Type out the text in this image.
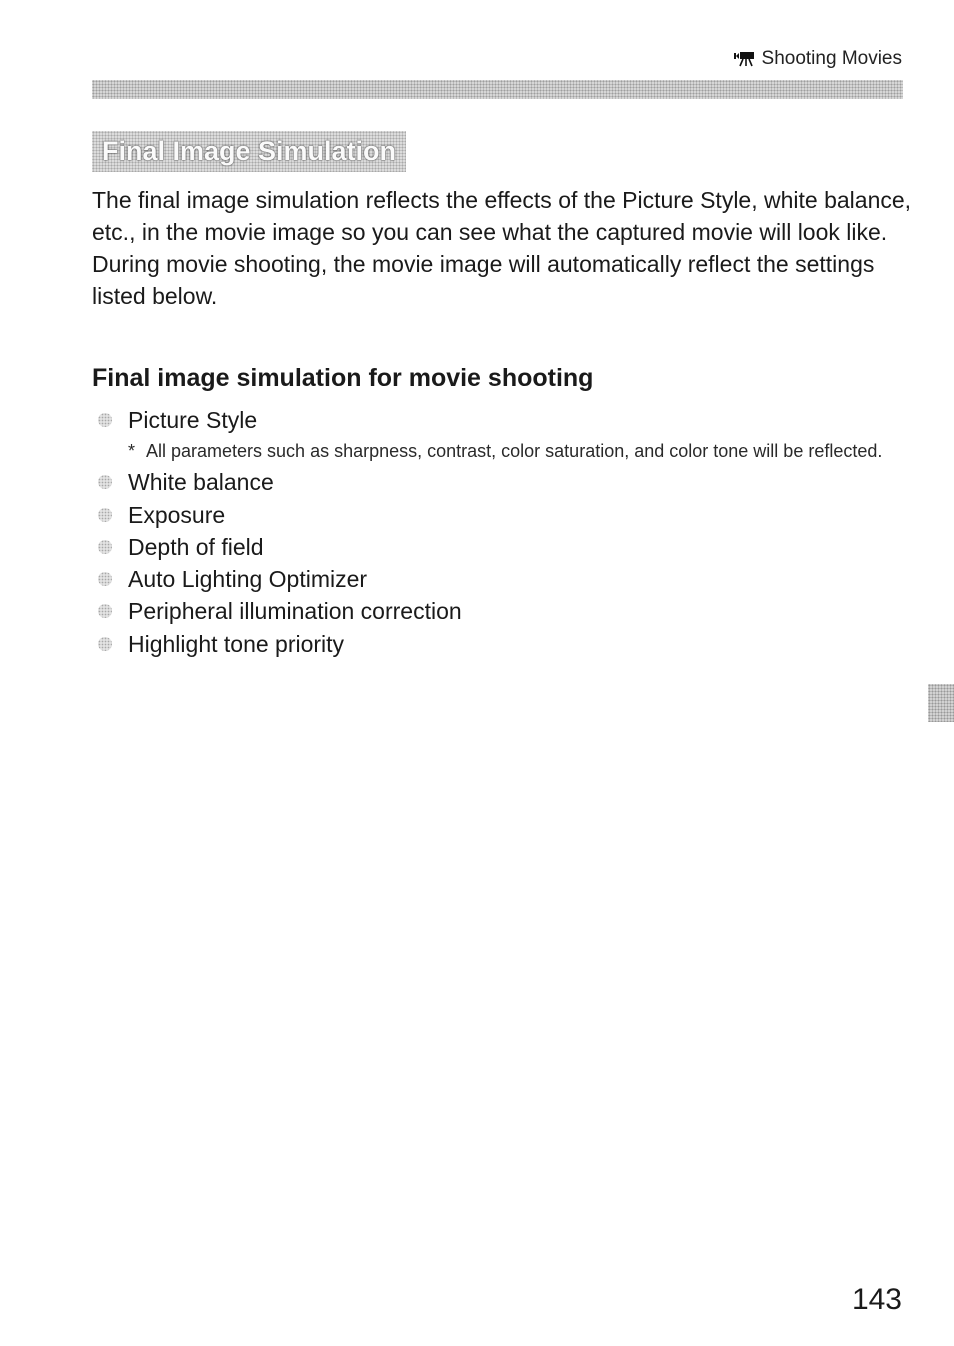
Shooting Movies
Final Image Simulation

The final image simulation reflects the effects of the Picture Style, white balance, etc., in the movie image so you can see what the captured movie will look like.

During movie shooting, the movie image will automatically reflect the settings listed below.

Final image simulation for movie shooting
Picture Style
* All parameters such as sharpness, contrast, color saturation, and color tone will be reflected.
White balance
Exposure
Depth of field
Auto Lighting Optimizer
Peripheral illumination correction
Highlight tone priority
143
